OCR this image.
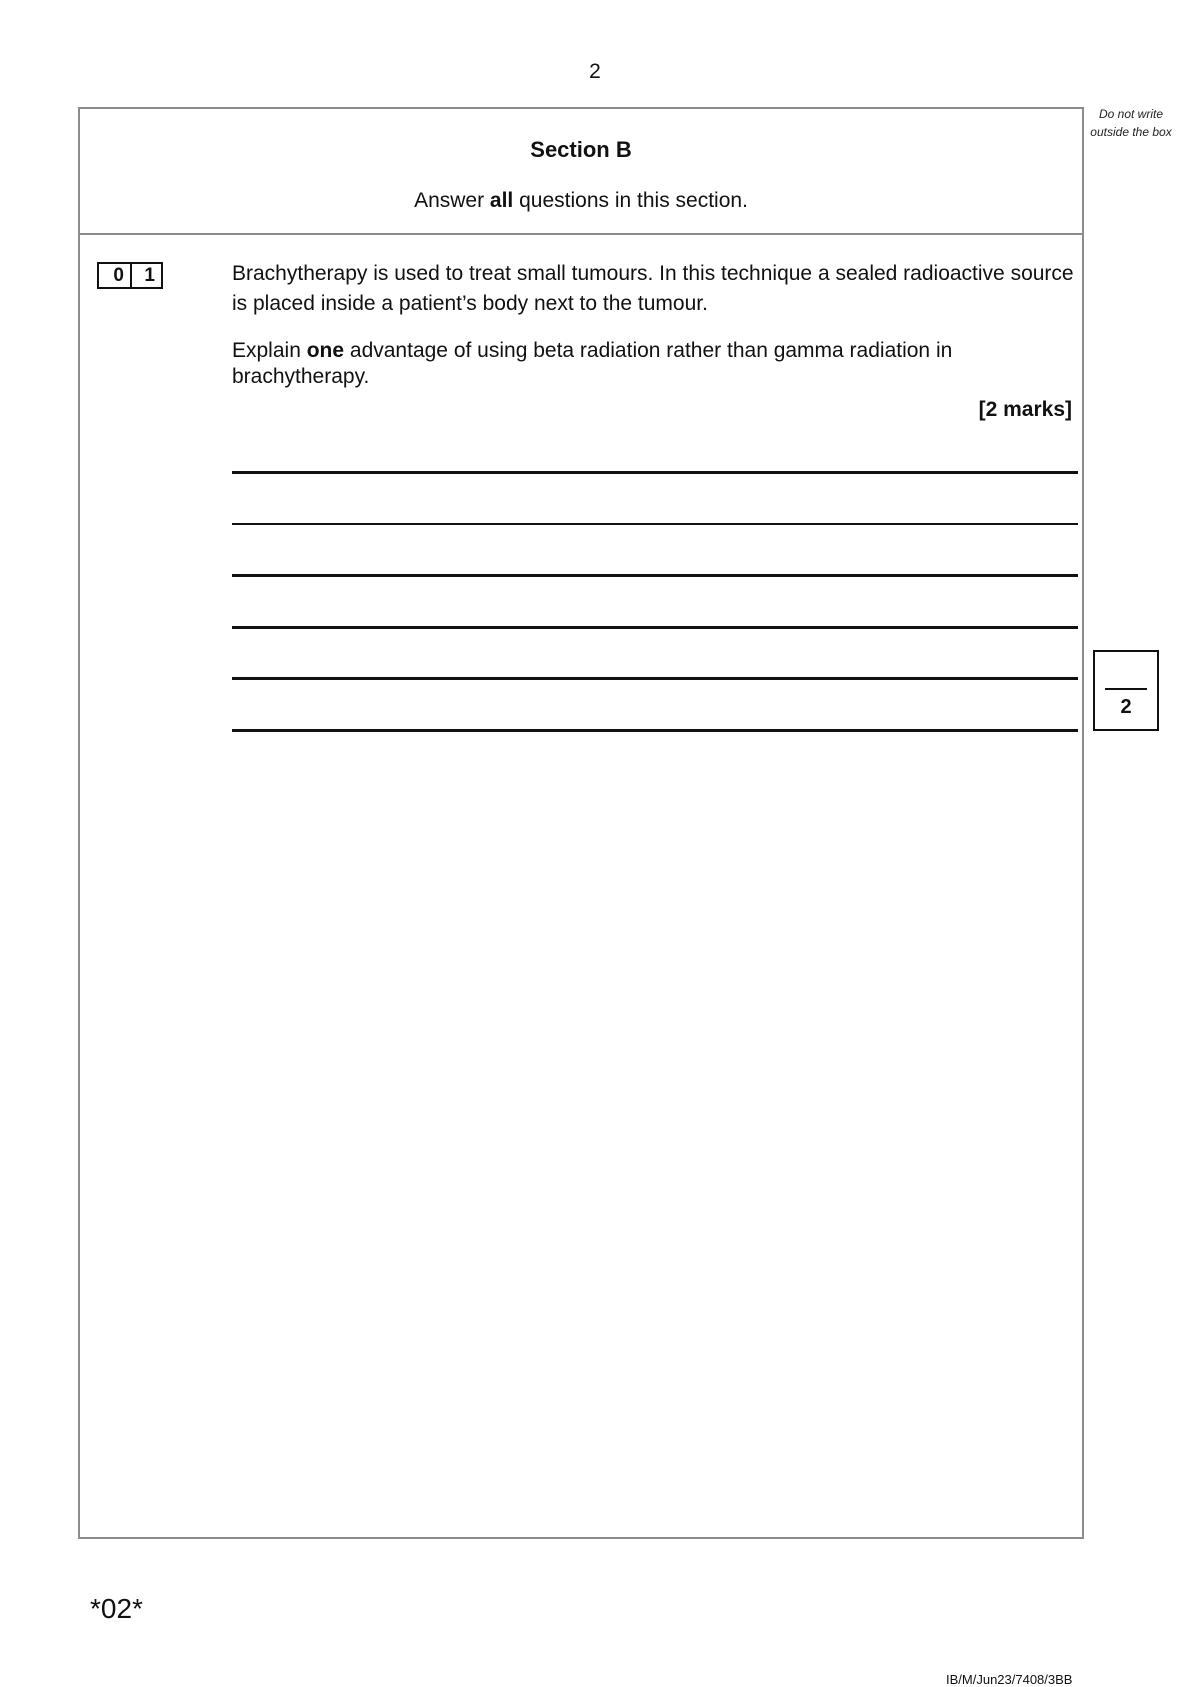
2
Do not write outside the box
Section B
Answer all questions in this section.
0	1	Brachytherapy is used to treat small tumours. In this technique a sealed radioactive source is placed inside a patient’s body next to the tumour.
Explain one advantage of using beta radiation rather than gamma radiation in brachytherapy.
[2 marks]
2
*02*
IB/M/Jun23/7408/3BB
